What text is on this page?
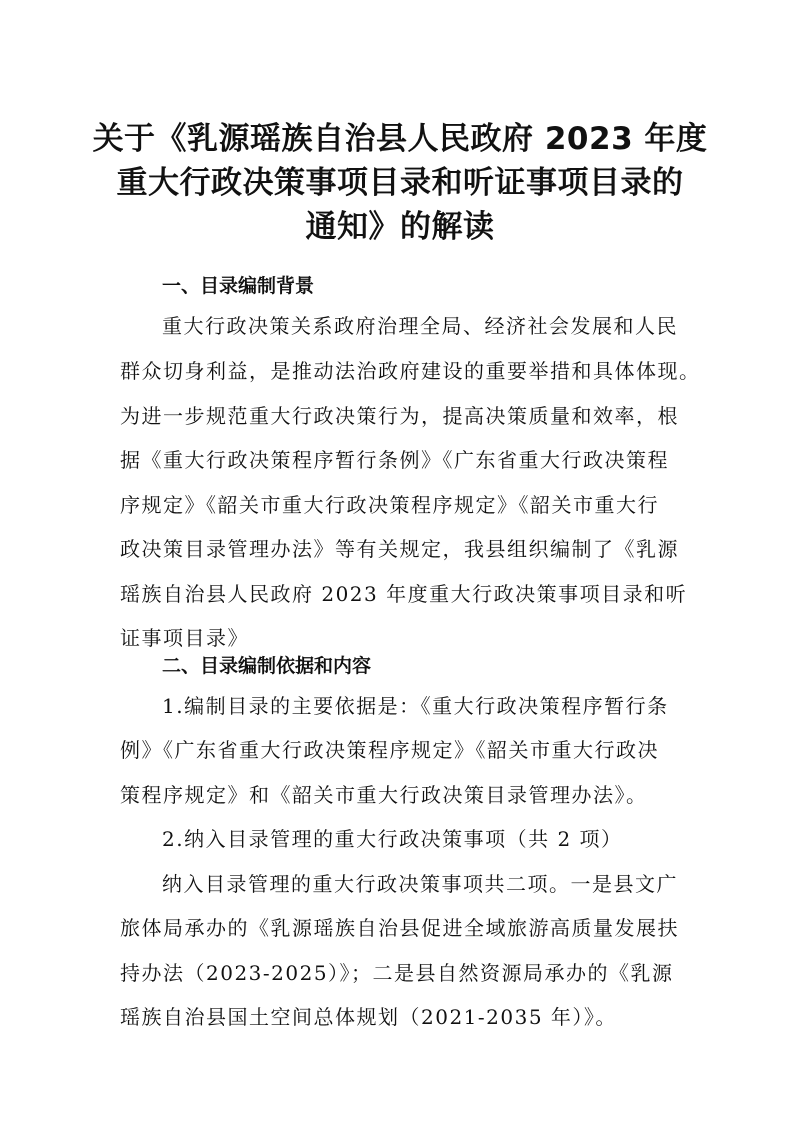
关于《乳源瑶族自治县人民政府 2023 年度
重大行政决策事项目录和听证事项目录的
通知》的解读
一、目录编制背景
重大行政决策关系政府治理全局、经济社会发展和人民
群众切身利益，是推动法治政府建设的重要举措和具体体现。
为进一步规范重大行政决策行为，提高决策质量和效率，根
据《重大行政决策程序暂行条例》《广东省重大行政决策程
序规定》《韶关市重大行政决策程序规定》《韶关市重大行
政决策目录管理办法》等有关规定，我县组织编制了《乳源
瑶族自治县人民政府 2023 年度重大行政决策事项目录和听
证事项目录》
二、目录编制依据和内容
1.编制目录的主要依据是：《重大行政决策程序暂行条
例》《广东省重大行政决策程序规定》《韶关市重大行政决
策程序规定》和《韶关市重大行政决策目录管理办法》。
2.纳入目录管理的重大行政决策事项（共 2 项）
纳入目录管理的重大行政决策事项共二项。一是县文广
旅体局承办的《乳源瑶族自治县促进全域旅游高质量发展扶
持办法（2023-2025）》；二是县自然资源局承办的《乳源
瑶族自治县国土空间总体规划（2021-2035 年）》。
